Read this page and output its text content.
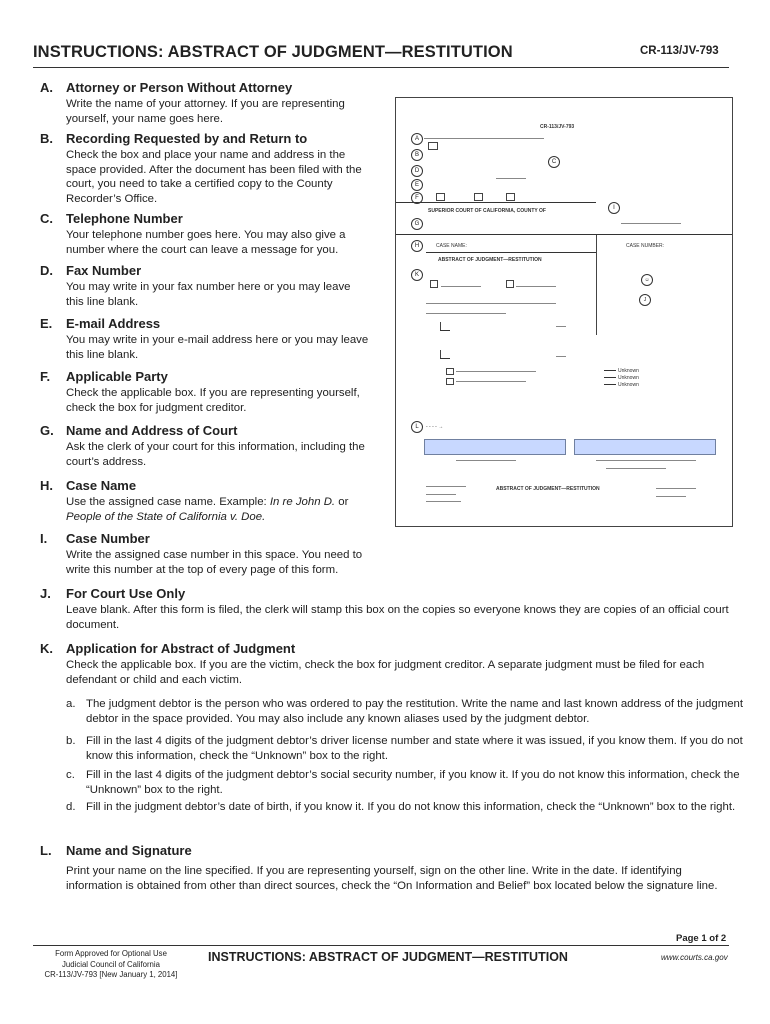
INSTRUCTIONS: ABSTRACT OF JUDGMENT—RESTITUTION	CR-113/JV-793
A. Attorney or Person Without Attorney
Write the name of your attorney. If you are representing yourself, your name goes here.
B. Recording Requested by and Return to
Check the box and place your name and address in the space provided. After the document has been filed with the court, you need to take a certified copy to the County Recorder’s Office.
C. Telephone Number
Your telephone number goes here. You may also give a number where the court can leave a message for you.
D. Fax Number
You may write in your fax number here or you may leave this line blank.
E. E-mail Address
You may write in your e-mail address here or you may leave this line blank.
F. Applicable Party
Check the applicable box. If you are representing yourself, check the box for judgment creditor.
G. Name and Address of Court
Ask the clerk of your court for this information, including the court’s address.
H. Case Name
Use the assigned case name. Example: In re John D. or People of the State of California v. Doe.
I.	Case Number
Write the assigned case number in this space. You need to write this number at the top of every page of this form.
CR-113/JV-793
A
B
C
D
E
F
SUPERIOR COURT OF CALIFORNIA, COUNTY OF
G
I
H	CASE NAME:	CASE NUMBER:
ABSTRACT OF JUDGMENT—RESTITUTION
☺
K
Unknown
Unknown
Unknown
L	- - - - →
ABSTRACT OF JUDGMENT—RESTITUTION
J
J. For Court Use Only
Leave blank. After this form is filed, the clerk will stamp this box on the copies so everyone knows they are copies of an official court document.
K. Application for Abstract of Judgment
Check the applicable box. If you are the victim, check the box for judgment creditor. A separate judgment must be filed for each defendant or child and each victim.
a. The judgment debtor is the person who was ordered to pay the restitution. Write the name and last known address of the judgment debtor in the space provided. You may also include any known aliases used by the judgment debtor.
b. Fill in the last 4 digits of the judgment debtor’s driver license number and state where it was issued, if you know them. If you do not know this information, check the “Unknown” box to the right.
c. Fill in the last 4 digits of the judgment debtor’s social security number, if you know it. If you do not know this information, check the “Unknown” box to the right.
d. Fill in the judgment debtor’s date of birth, if you know it. If you do not know this information, check the “Unknown” box to the right.
L. Name and Signature
Print your name on the line specified. If you are representing yourself, sign on the other line. Write in the date. If identifying information is obtained from other than direct sources, check the “On Information and Belief” box located below the signature line.
Page 1 of 2
Form Approved for Optional Use
Judicial Council of California
CR-113/JV-793 [New January 1, 2014]
INSTRUCTIONS: ABSTRACT OF JUDGMENT—RESTITUTION	www.courts.ca.gov
